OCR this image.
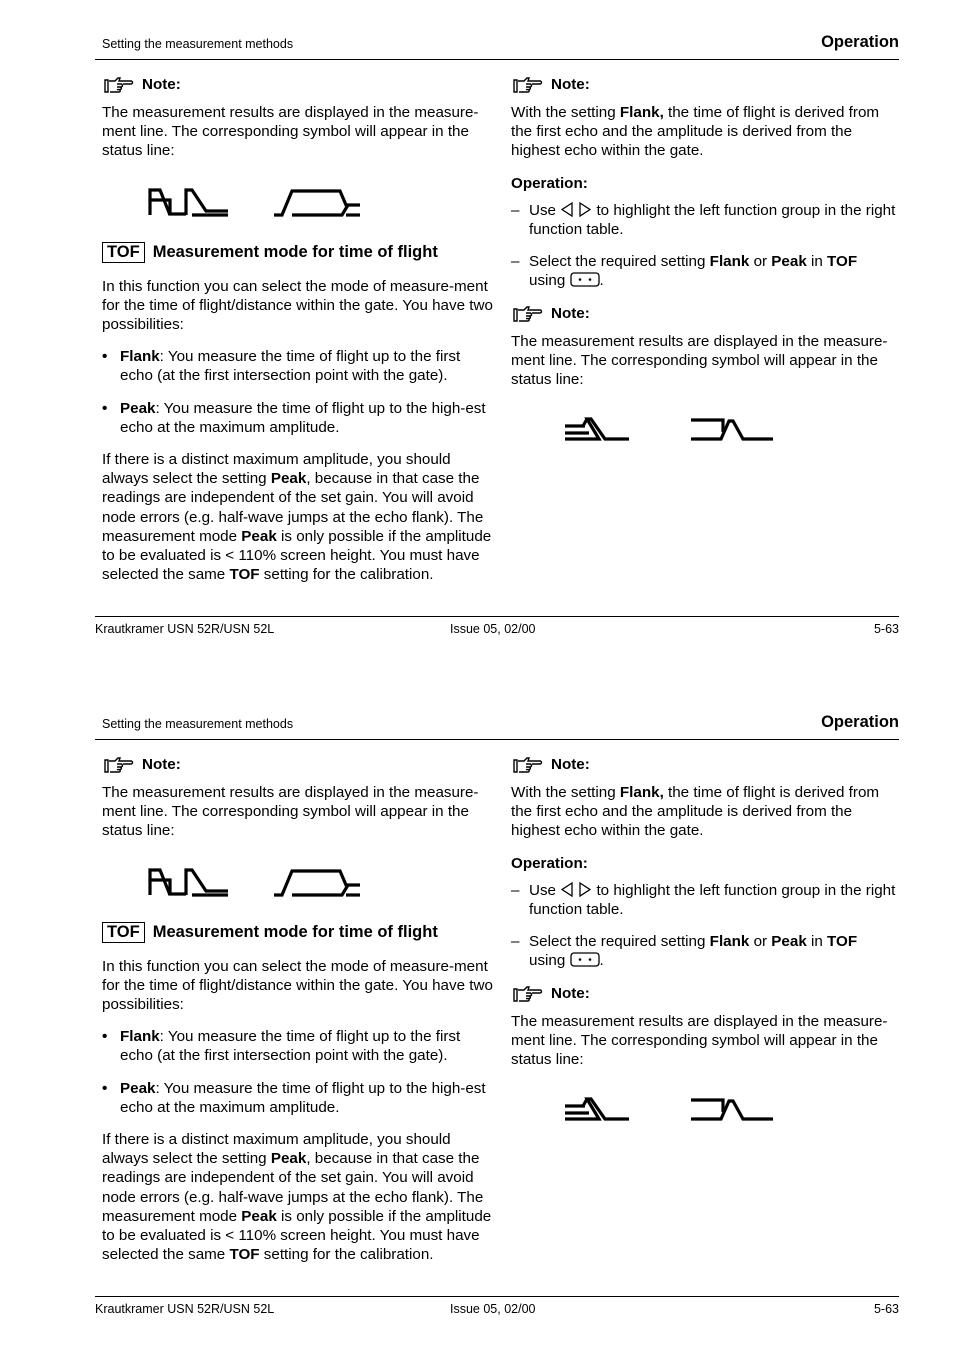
Setting the measurement methods	Operation
Note:

The measurement results are displayed in the measure-ment line. The corresponding symbol will appear in the status line:

TOF Measurement mode for time of flight

In this function you can select the mode of measure-ment for the time of flight/distance within the gate. You have two possibilities:

• Flank: You measure the time of flight up to the first echo (at the first intersection point with the gate).
• Peak: You measure the time of flight up to the high-est echo at the maximum amplitude.

If there is a distinct maximum amplitude, you should always select the setting Peak, because in that case the readings are independent of the set gain. You will avoid node errors (e.g. half-wave jumps at the echo flank). The measurement mode Peak is only possible if the amplitude to be evaluated is < 110% screen height. You must have selected the same TOF setting for the calibration.

Note:

With the setting Flank, the time of flight is derived from the first echo and the amplitude is derived from the highest echo within the gate.

Operation:
– Use  to highlight the left function group in the right function table.
– Select the required setting Flank or Peak in TOF
using .
Note:

The measurement results are displayed in the measure-ment line. The corresponding symbol will appear in the status line:

Krautkramer USN 52R/USN 52L	Issue 05, 02/00	5-63
Setting the measurement methods	Operation
Note:

The measurement results are displayed in the measure-ment line. The corresponding symbol will appear in the status line:

TOF Measurement mode for time of flight

In this function you can select the mode of measure-ment for the time of flight/distance within the gate. You have two possibilities:

• Flank: You measure the time of flight up to the first echo (at the first intersection point with the gate).
• Peak: You measure the time of flight up to the high-est echo at the maximum amplitude.

If there is a distinct maximum amplitude, you should always select the setting Peak, because in that case the readings are independent of the set gain. You will avoid node errors (e.g. half-wave jumps at the echo flank). The measurement mode Peak is only possible if the amplitude to be evaluated is < 110% screen height. You must have selected the same TOF setting for the calibration.

Note:

With the setting Flank, the time of flight is derived from the first echo and the amplitude is derived from the highest echo within the gate.

Operation:
– Use  to highlight the left function group in the right function table.
– Select the required setting Flank or Peak in TOF
using .
Note:

The measurement results are displayed in the measure-ment line. The corresponding symbol will appear in the status line:

Krautkramer USN 52R/USN 52L	Issue 05, 02/00	5-63
